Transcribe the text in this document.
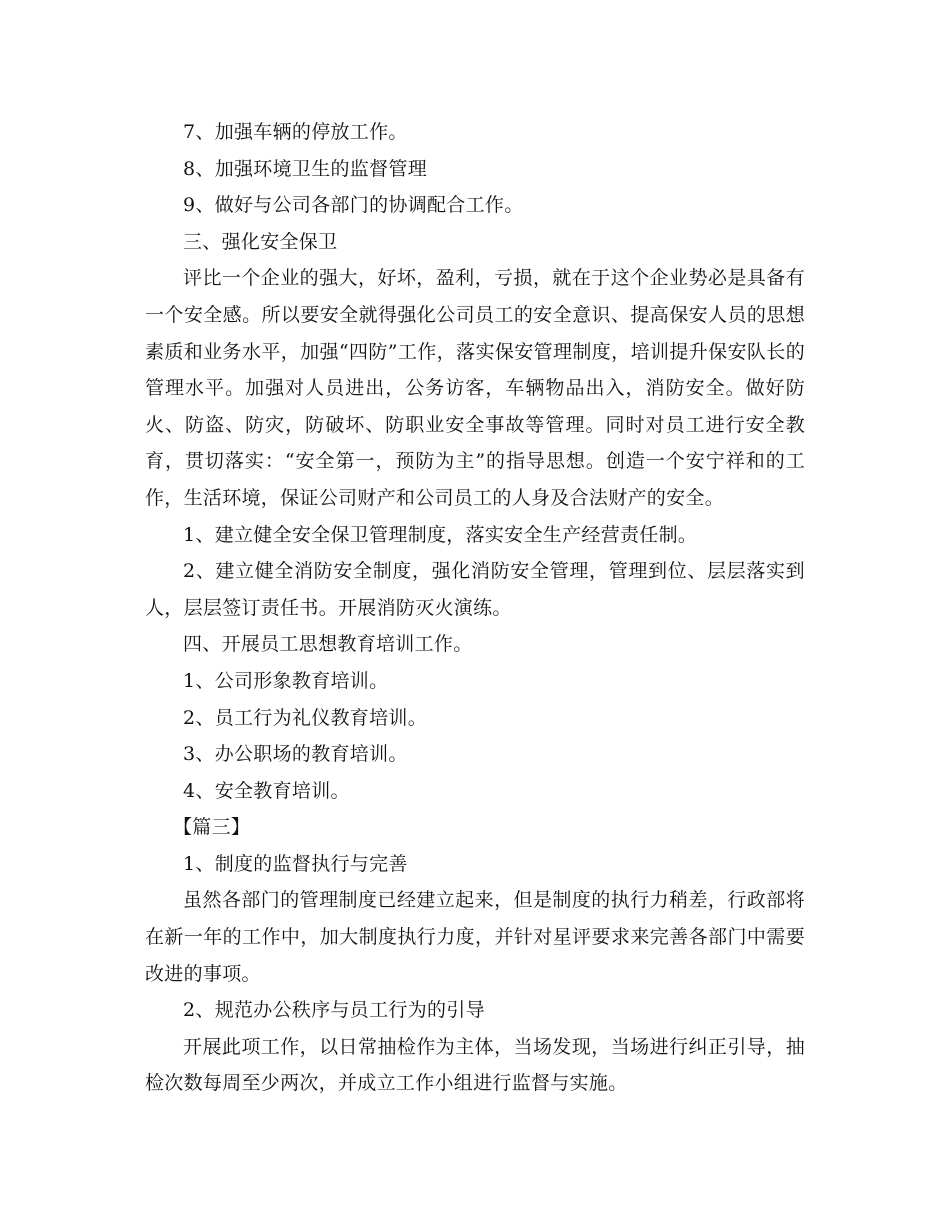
7、加强车辆的停放工作。

8、加强环境卫生的监督管理

9、做好与公司各部门的协调配合工作。

三、强化安全保卫

评比一个企业的强大，好坏，盈利，亏损，就在于这个企业势必是具备有一个安全感。所以要安全就得强化公司员工的安全意识、提高保安人员的思想素质和业务水平，加强“四防”工作，落实保安管理制度，培训提升保安队长的管理水平。加强对人员进出，公务访客，车辆物品出入，消防安全。做好防火、防盗、防灾，防破坏、防职业安全事故等管理。同时对员工进行安全教育，贯切落实：“安全第一，预防为主”的指导思想。创造一个安宁祥和的工作，生活环境，保证公司财产和公司员工的人身及合法财产的安全。

1、建立健全安全保卫管理制度，落实安全生产经营责任制。

2、建立健全消防安全制度，强化消防安全管理，管理到位、层层落实到人，层层签订责任书。开展消防灭火演练。

四、开展员工思想教育培训工作。

1、公司形象教育培训。

2、员工行为礼仪教育培训。

3、办公职场的教育培训。

4、安全教育培训。

【篇三】

1、制度的监督执行与完善

虽然各部门的管理制度已经建立起来，但是制度的执行力稍差，行政部将在新一年的工作中，加大制度执行力度，并针对星评要求来完善各部门中需要改进的事项。

2、规范办公秩序与员工行为的引导

开展此项工作，以日常抽检作为主体，当场发现，当场进行纠正引导，抽检次数每周至少两次，并成立工作小组进行监督与实施。
